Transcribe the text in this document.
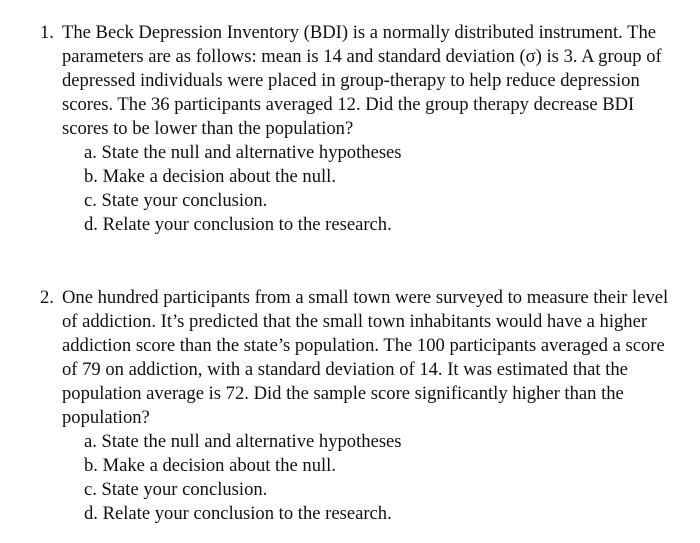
1. The Beck Depression Inventory (BDI) is a normally distributed instrument. The parameters are as follows: mean is 14 and standard deviation (σ) is 3. A group of depressed individuals were placed in group-therapy to help reduce depression scores. The 36 participants averaged 12. Did the group therapy decrease BDI scores to be lower than the population?
a. State the null and alternative hypotheses
b. Make a decision about the null.
c. State your conclusion.
d. Relate your conclusion to the research.
2. One hundred participants from a small town were surveyed to measure their level of addiction. It’s predicted that the small town inhabitants would have a higher addiction score than the state’s population. The 100 participants averaged a score of 79 on addiction, with a standard deviation of 14. It was estimated that the population average is 72. Did the sample score significantly higher than the population?
a. State the null and alternative hypotheses
b. Make a decision about the null.
c. State your conclusion.
d. Relate your conclusion to the research.
